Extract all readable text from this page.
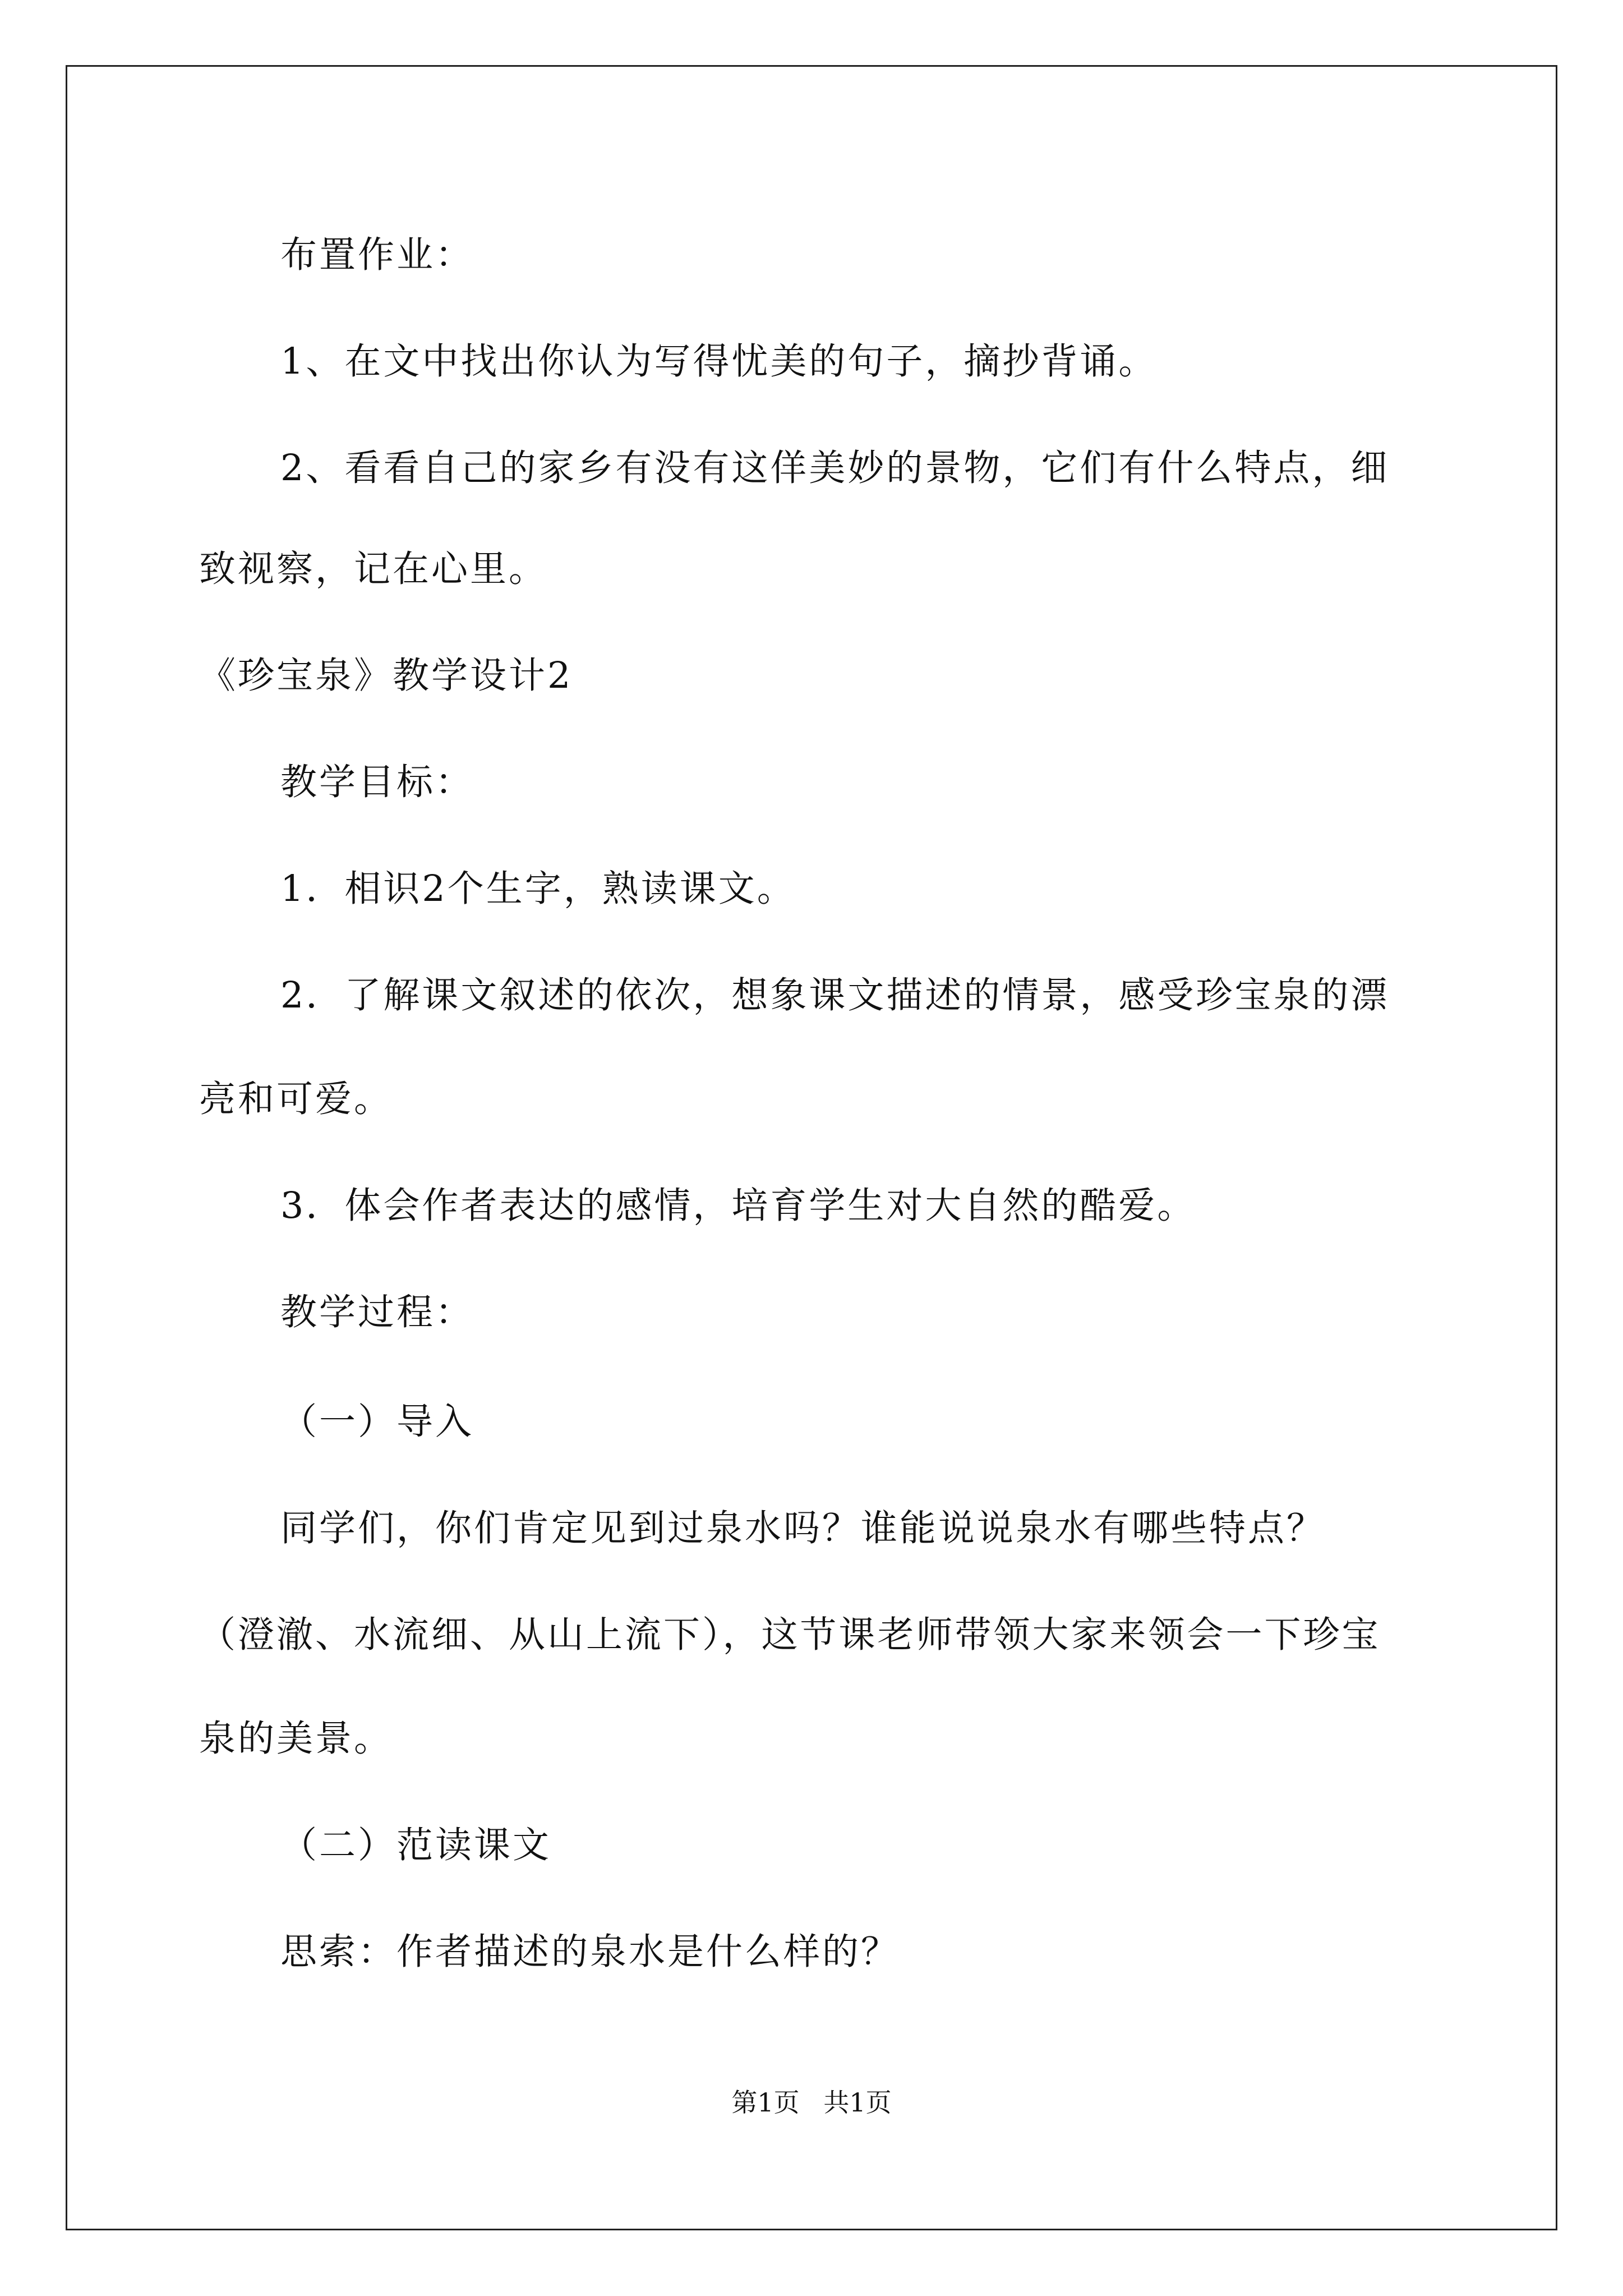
布置作业：
1、在文中找出你认为写得忧美的句子，摘抄背诵。
2、看看自己的家乡有没有这佯美妙的景物，它们有什么特点，细
致视察，记在心里。
《珍宝泉》教学设计2
教学目标：
1．相识2个生字，熟读课文。
2．了解课文叙述的依次，想象课文描述的情景，感受珍宝泉的漂
亮和可爱。
3．体会作者表达的感情，培育学生对大自然的酷爱。
教学过程：
（一）导入
同学们，你们肯定见到过泉水吗？谁能说说泉水有哪些特点？
（澄澈、水流细、从山上流下），这节课老师带领大家来领会一下珍宝
泉的美景。
（二）范读课文
思索：作者描述的泉水是什么样的？
第1页 共1页
